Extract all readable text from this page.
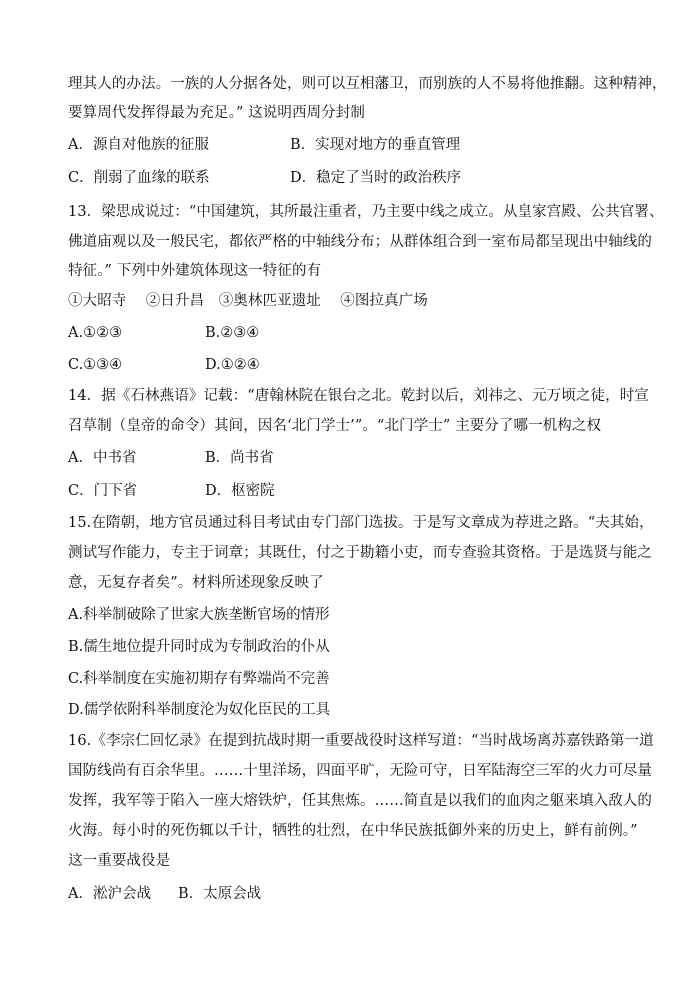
理其人的办法。一族的人分据各处，则可以互相藩卫，而别族的人不易将他推翻。这种精神，
要算周代发挥得最为充足。” 这说明西周分封制
A．源自对他族的征服	B．实现对地方的垂直管理
C．削弱了血缘的联系	D．稳定了当时的政治秩序
13．梁思成说过：“中国建筑，其所最注重者，乃主要中线之成立。从皇家宫殿、公共官署、
佛道庙观以及一般民宅，都依严格的中轴线分布；从群体组合到一室布局都呈现出中轴线的
特征。” 下列中外建筑体现这一特征的有
①大昭寺　 ②日升昌　③奥林匹亚遗址　 ④图拉真广场
A.①②③	B.②③④
C.①③④	D.①②④
14．据《石林燕语》记载：“唐翰林院在银台之北。乾封以后，刘祎之、元万顷之徒，时宣
召草制（皇帝的命令）其间，因名‘北门学士’”。“北门学士” 主要分了哪一机构之权
A．中书省	B．尚书省
C．门下省	D．枢密院
15.在隋朝，地方官员通过科目考试由专门部门选拔。于是写文章成为荐进之路。“夫其始，
测试写作能力，专主于词章；其既仕，付之于勘籍小吏，而专查验其资格。于是选贤与能之
意，无复存者矣”。材料所述现象反映了
A.科举制破除了世家大族垄断官场的情形
B.儒生地位提升同时成为专制政治的仆从
C.科举制度在实施初期存有弊端尚不完善
D.儒学依附科举制度沦为奴化臣民的工具
16.《李宗仁回忆录》在提到抗战时期一重要战役时这样写道：“当时战场离苏嘉铁路第一道
国防线尚有百余华里。……十里洋场，四面平旷，无险可守，日军陆海空三军的火力可尽量
发挥，我军等于陷入一座大熔铁炉，任其焦炼。……简直是以我们的血肉之躯来填入敌人的
火海。每小时的死伤辄以千计，牺牲的壮烈，在中华民族抵御外来的历史上，鲜有前例。”
这一重要战役是
A．淞沪会战 B．太原会战
